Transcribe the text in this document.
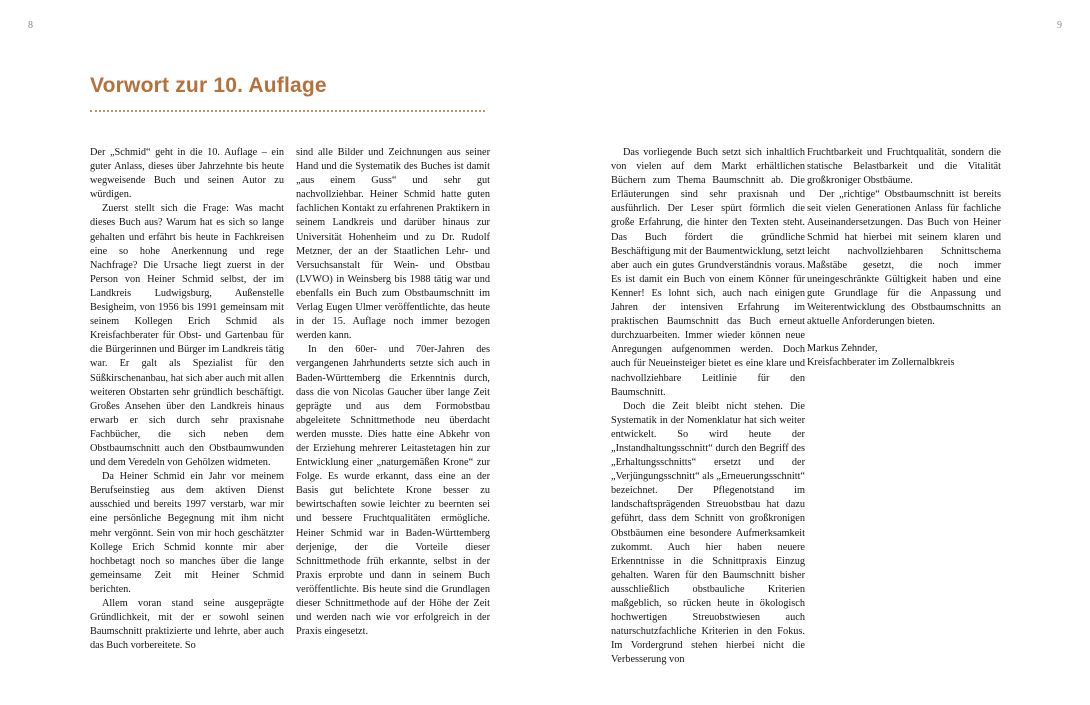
8
Vorwort zur 10. Auflage

Der „Schmid“ geht in die 10. Auflage – ein guter Anlass, dieses über Jahrzehnte bis heute wegweisende Buch und seinen Autor zu würdigen.

Zuerst stellt sich die Frage: Was macht dieses Buch aus? Warum hat es sich so lange gehalten und erfährt bis heute in Fachkreisen eine so hohe Anerkennung und rege Nachfrage? Die Ursache liegt zuerst in der Person von Heiner Schmid selbst, der im Landkreis Ludwigsburg, Außenstelle Besigheim, von 1956 bis 1991 gemeinsam mit seinem Kollegen Erich Schmid als Kreisfachberater für Obst- und Gartenbau für die Bürgerinnen und Bürger im Landkreis tätig war. Er galt als Spezialist für den Süßkirschenanbau, hat sich aber auch mit allen weiteren Obstarten sehr gründlich beschäftigt. Großes Ansehen über den Landkreis hinaus erwarb er sich durch sehr praxisnahe Fachbücher, die sich neben dem Obstbaumschnitt auch den Obstbaumwunden und dem Veredeln von Gehölzen widmeten.

Da Heiner Schmid ein Jahr vor meinem Berufseinstieg aus dem aktiven Dienst ausschied und bereits 1997 verstarb, war mir eine persönliche Begegnung mit ihm nicht mehr vergönnt. Sein von mir hoch geschätzter Kollege Erich Schmid konnte mir aber hochbetagt noch so manches über die lange gemeinsame Zeit mit Heiner Schmid berichten.

Allem voran stand seine ausgeprägte Gründlichkeit, mit der er sowohl seinen Baumschnitt praktizierte und lehrte, aber auch das Buch vorbereitete. So

sind alle Bilder und Zeichnungen aus seiner Hand und die Systematik des Buches ist damit „aus einem Guss“ und sehr gut nachvollziehbar. Heiner Schmid hatte guten fachlichen Kontakt zu erfahrenen Praktikern in seinem Landkreis und darüber hinaus zur Universität Hohenheim und zu Dr. Rudolf Metzner, der an der Staatlichen Lehr- und Versuchsanstalt für Wein- und Obstbau (LVWO) in Weinsberg bis 1988 tätig war und ebenfalls ein Buch zum Obstbaumschnitt im Verlag Eugen Ulmer veröffentlichte, das heute in der 15. Auflage noch immer bezogen werden kann.

In den 60er- und 70er-Jahren des vergangenen Jahrhunderts setzte sich auch in Baden-Württemberg die Erkenntnis durch, dass die von Nicolas Gaucher über lange Zeit geprägte und aus dem Formobstbau abgeleitete Schnittmethode neu überdacht werden musste. Dies hatte eine Abkehr von der Erziehung mehrerer Leitastetagen hin zur Entwicklung einer „naturgemäßen Krone“ zur Folge. Es wurde erkannt, dass eine an der Basis gut belichtete Krone besser zu bewirtschaften sowie leichter zu beernten sei und bessere Fruchtqualitäten ermögliche. Heiner Schmid war in Baden-Württemberg derjenige, der die Vorteile dieser Schnittmethode früh erkannte, selbst in der Praxis erprobte und dann in seinem Buch veröffentlichte. Bis heute sind die Grundlagen dieser Schnittmethode auf der Höhe der Zeit und werden nach wie vor erfolgreich in der Praxis eingesetzt.

9

Das vorliegende Buch setzt sich inhaltlich von vielen auf dem Markt erhältlichen Büchern zum Thema Baumschnitt ab. Die Erläuterungen sind sehr praxisnah und ausführlich. Der Leser spürt förmlich die große Erfahrung, die hinter den Texten steht. Das Buch fördert die gründliche Beschäftigung mit der Baumentwicklung, setzt aber auch ein gutes Grundverständnis voraus. Es ist damit ein Buch von einem Könner für Kenner! Es lohnt sich, auch nach einigen Jahren der intensiven Erfahrung im praktischen Baumschnitt das Buch erneut durchzuarbeiten. Immer wieder können neue Anregungen aufgenommen werden. Doch auch für Neueinsteiger bietet es eine klare und nachvollziehbare Leitlinie für den Baumschnitt.

Doch die Zeit bleibt nicht stehen. Die Systematik in der Nomenklatur hat sich weiter entwickelt. So wird heute der „Instandhaltungsschnitt“ durch den Begriff des „Erhaltungsschnitts“ ersetzt und der „Verjüngungsschnitt“ als „Erneuerungsschnitt“ bezeichnet. Der Pflegenotstand im landschaftsprägenden Streuobstbau hat dazu geführt, dass dem Schnitt von großkronigen Obstbäumen eine besondere Aufmerksamkeit zukommt. Auch hier haben neuere Erkenntnisse in die Schnittpraxis Einzug gehalten. Waren für den Baumschnitt bisher ausschließlich obstbauliche Kriterien maßgeblich, so rücken heute in ökologisch hochwertigen Streuobstwiesen auch naturschutzfachliche Kriterien in den Fokus. Im Vordergrund stehen hierbei nicht die Verbesserung von

Fruchtbarkeit und Fruchtqualität, sondern die statische Belastbarkeit und die Vitalität großkroniger Obstbäume.

Der „richtige“ Obstbaumschnitt ist bereits seit vielen Generationen Anlass für fachliche Auseinandersetzungen. Das Buch von Heiner Schmid hat hierbei mit seinem klaren und leicht nachvollziehbaren Schnittschema Maßstäbe gesetzt, die noch immer uneingeschränkte Gültigkeit haben und eine gute Grundlage für die Anpassung und Weiterentwicklung des Obstbaumschnitts an aktuelle Anforderungen bieten.

Markus Zehnder,

Kreisfachberater im Zollernalbkreis
